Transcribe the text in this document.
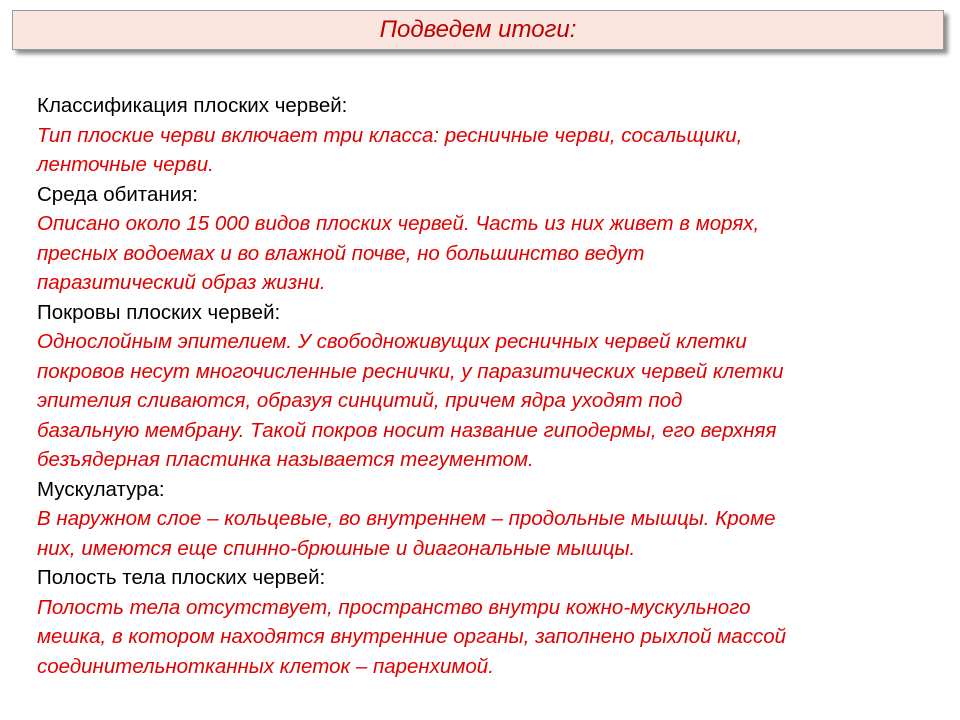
Подведем итоги:

Классификация плоских червей:

Тип плоские черви включает три класса: ресничные черви, сосальщики,

ленточные черви.

Среда обитания:

Описано около 15 000 видов плоских червей. Часть из них живет в морях,

пресных водоемах и во влажной почве, но большинство ведут

паразитический образ жизни.

Покровы плоских червей:

Однослойным эпителием. У свободноживущих ресничных червей клетки

покровов несут многочисленные реснички, у паразитических червей клетки

эпителия сливаются, образуя синцитий, причем ядра уходят под

базальную мембрану. Такой покров носит название гиподермы, его верхняя

безъядерная пластинка называется тегументом.

Мускулатура:

В наружном слое – кольцевые, во внутреннем – продольные мышцы. Кроме

них, имеются еще спинно-брюшные и диагональные мышцы.

Полость тела плоских червей:

Полость тела отсутствует, пространство внутри кожно-мускульного

мешка, в котором находятся внутренние органы, заполнено рыхлой массой

соединительнотканных клеток – паренхимой.
